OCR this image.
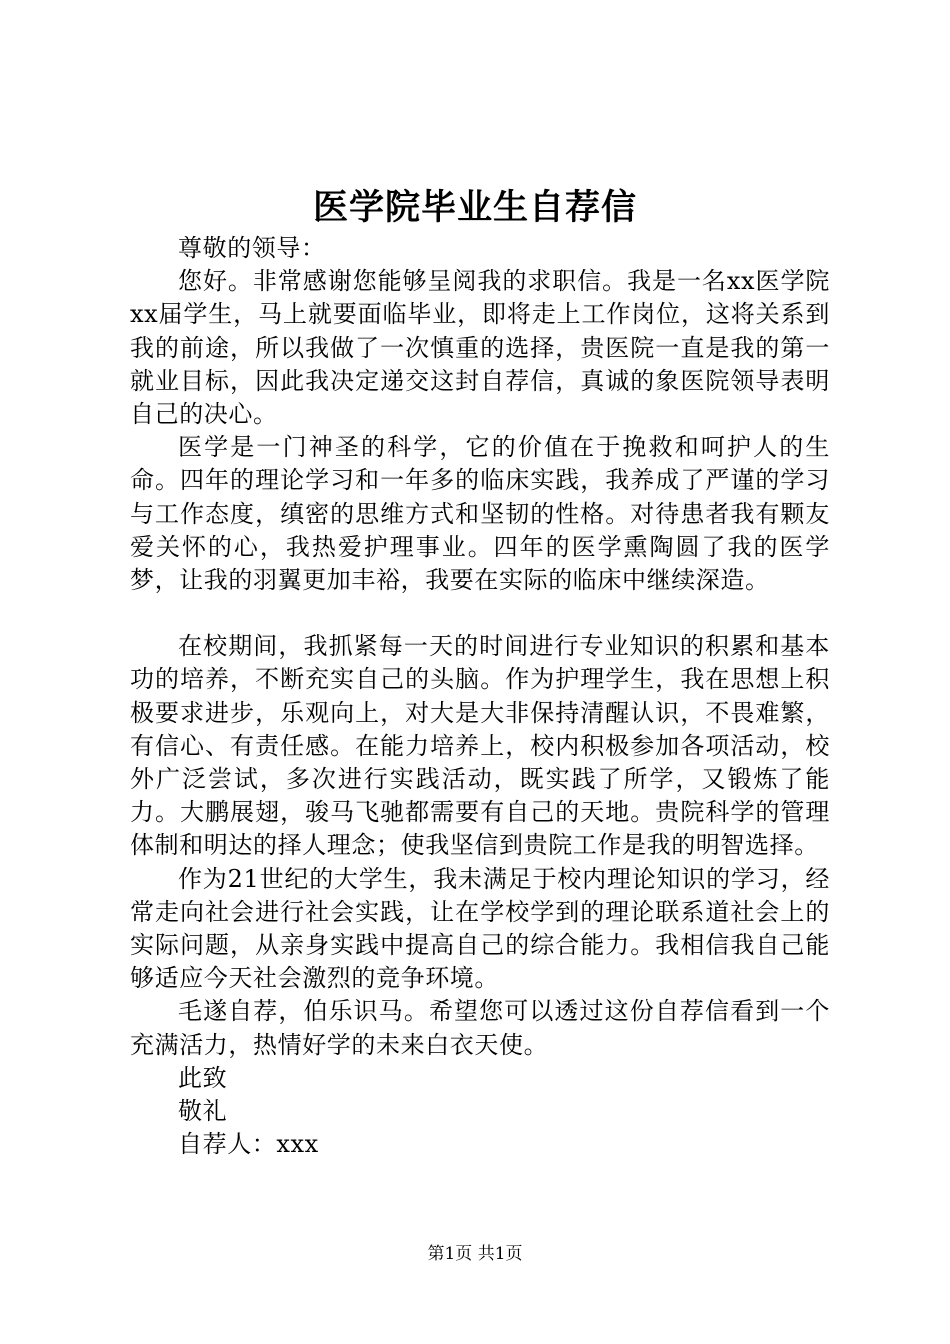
医学院毕业生自荐信

尊敬的领导：

您好。非常感谢您能够呈阅我的求职信。我是一名xx医学院xx届学生，马上就要面临毕业，即将走上工作岗位，这将关系到我的前途，所以我做了一次慎重的选择，贵医院一直是我的第一就业目标，因此我决定递交这封自荐信，真诚的象医院领导表明自己的决心。

医学是一门神圣的科学，它的价值在于挽救和呵护人的生命。四年的理论学习和一年多的临床实践，我养成了严谨的学习与工作态度，缜密的思维方式和坚韧的性格。对待患者我有颗友爱关怀的心，我热爱护理事业。四年的医学熏陶圆了我的医学梦，让我的羽翼更加丰裕，我要在实际的临床中继续深造。

在校期间，我抓紧每一天的时间进行专业知识的积累和基本功的培养，不断充实自己的头脑。作为护理学生，我在思想上积极要求进步，乐观向上，对大是大非保持清醒认识，不畏难繁，有信心、有责任感。在能力培养上，校内积极参加各项活动，校外广泛尝试，多次进行实践活动，既实践了所学，又锻炼了能力。大鹏展翅，骏马飞驰都需要有自己的天地。贵院科学的管理体制和明达的择人理念；使我坚信到贵院工作是我的明智选择。

作为21世纪的大学生，我未满足于校内理论知识的学习，经常走向社会进行社会实践，让在学校学到的理论联系道社会上的实际问题，从亲身实践中提高自己的综合能力。我相信我自己能够适应今天社会激烈的竞争环境。

毛遂自荐，伯乐识马。希望您可以透过这份自荐信看到一个充满活力，热情好学的未来白衣天使。

此致

敬礼

自荐人：xxx

第1页 共1页
